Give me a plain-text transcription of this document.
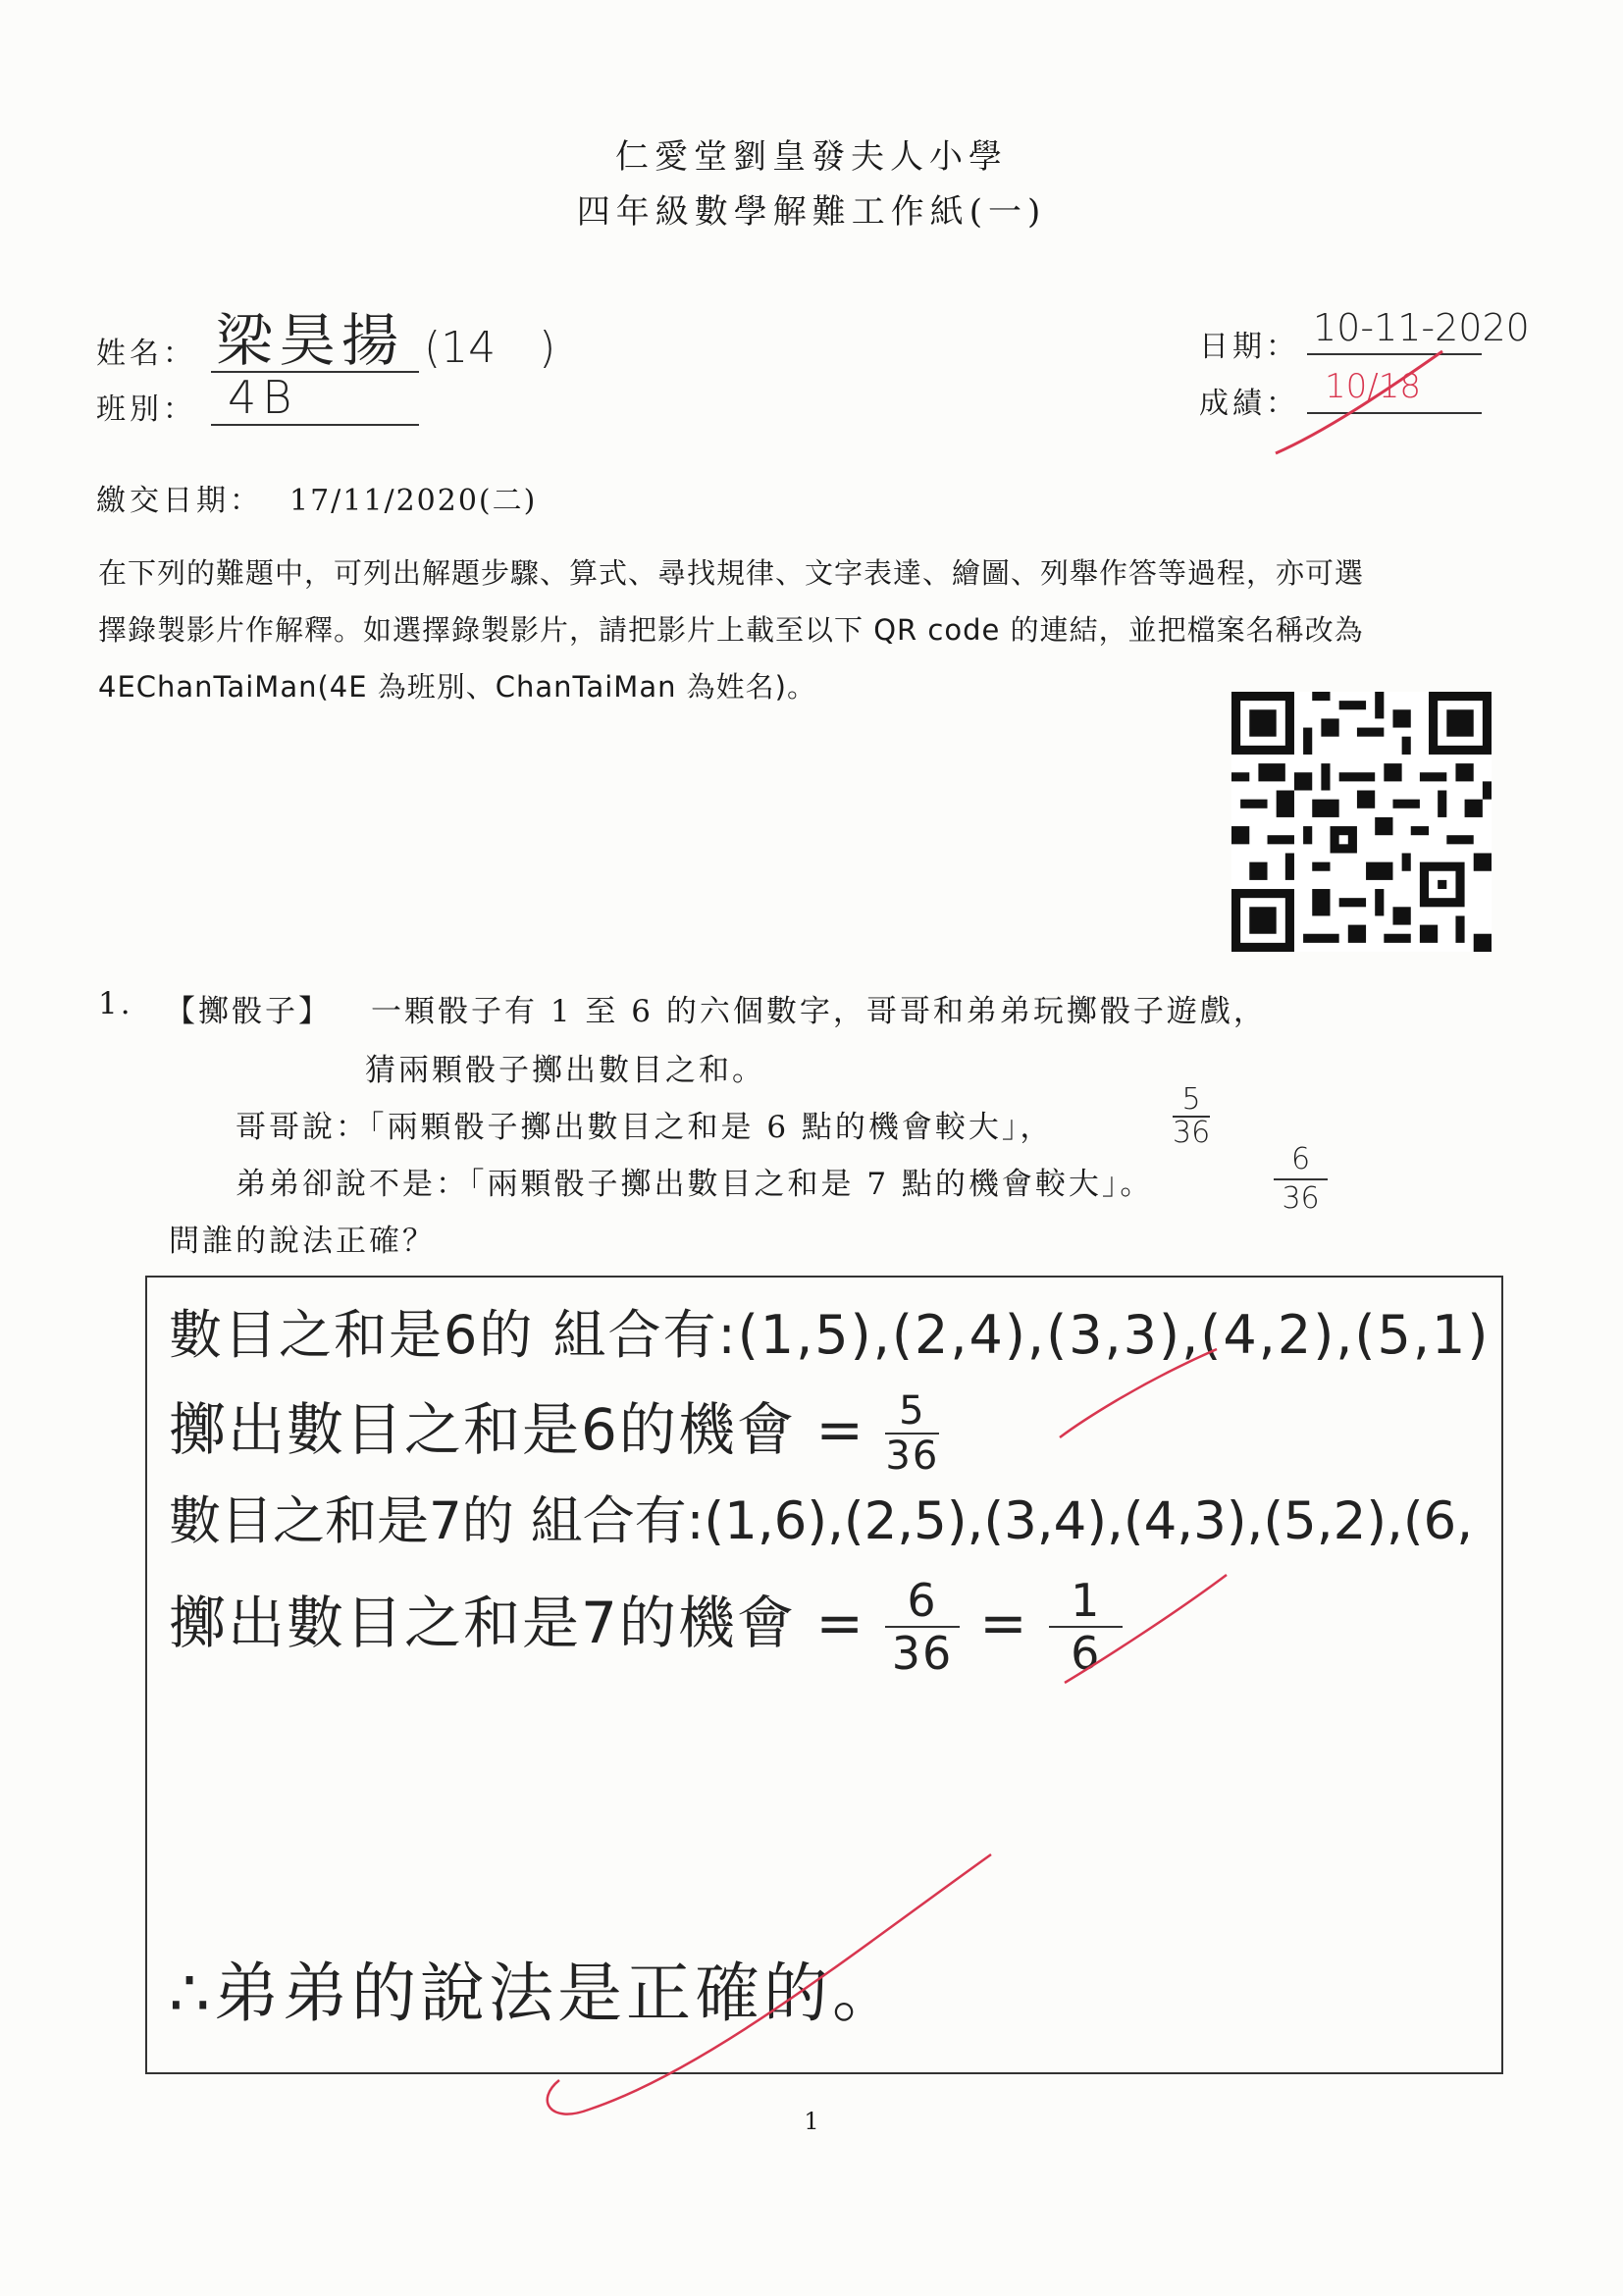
仁愛堂劉皇發夫人小學
四年級數學解難工作紙(一)
姓名： 梁昊揚 (14　)
班別： 4B
日期： 10-11-2020
成績： 10/18
繳交日期： 17/11/2020(二)
在下列的難題中，可列出解題步驟、算式、尋找規律、文字表達、繪圖、列舉作答等過程，亦可選
擇錄製影片作解釋。如選擇錄製影片，請把影片上載至以下 QR code 的連結，並把檔案名稱改為
4EChanTaiMan(4E 為班別、ChanTaiMan 為姓名)。
1. 【擲骰子】 一顆骰子有 1 至 6 的六個數字，哥哥和弟弟玩擲骰子遊戲，
猜兩顆骰子擲出數目之和。
哥哥說：「兩顆骰子擲出數目之和是 6 點的機會較大」，
弟弟卻說不是：「兩顆骰子擲出數目之和是 7 點的機會較大」。
問誰的說法正確？
$\frac{5}{36}$
$\frac{6}{36}$
數目之和是6的 組合有:(1,5),(2,4),(3,3),(4,2),(5,1)
擲出數目之和是6的機會 = $\frac{5}{36}$
數目之和是7的 組合有:(1,6),(2,5),(3,4),(4,3),(5,2),(6,
擲出數目之和是7的機會 = $\frac{6}{36} = \frac{1}{6}$
∴弟弟的說法是正確的。
1
